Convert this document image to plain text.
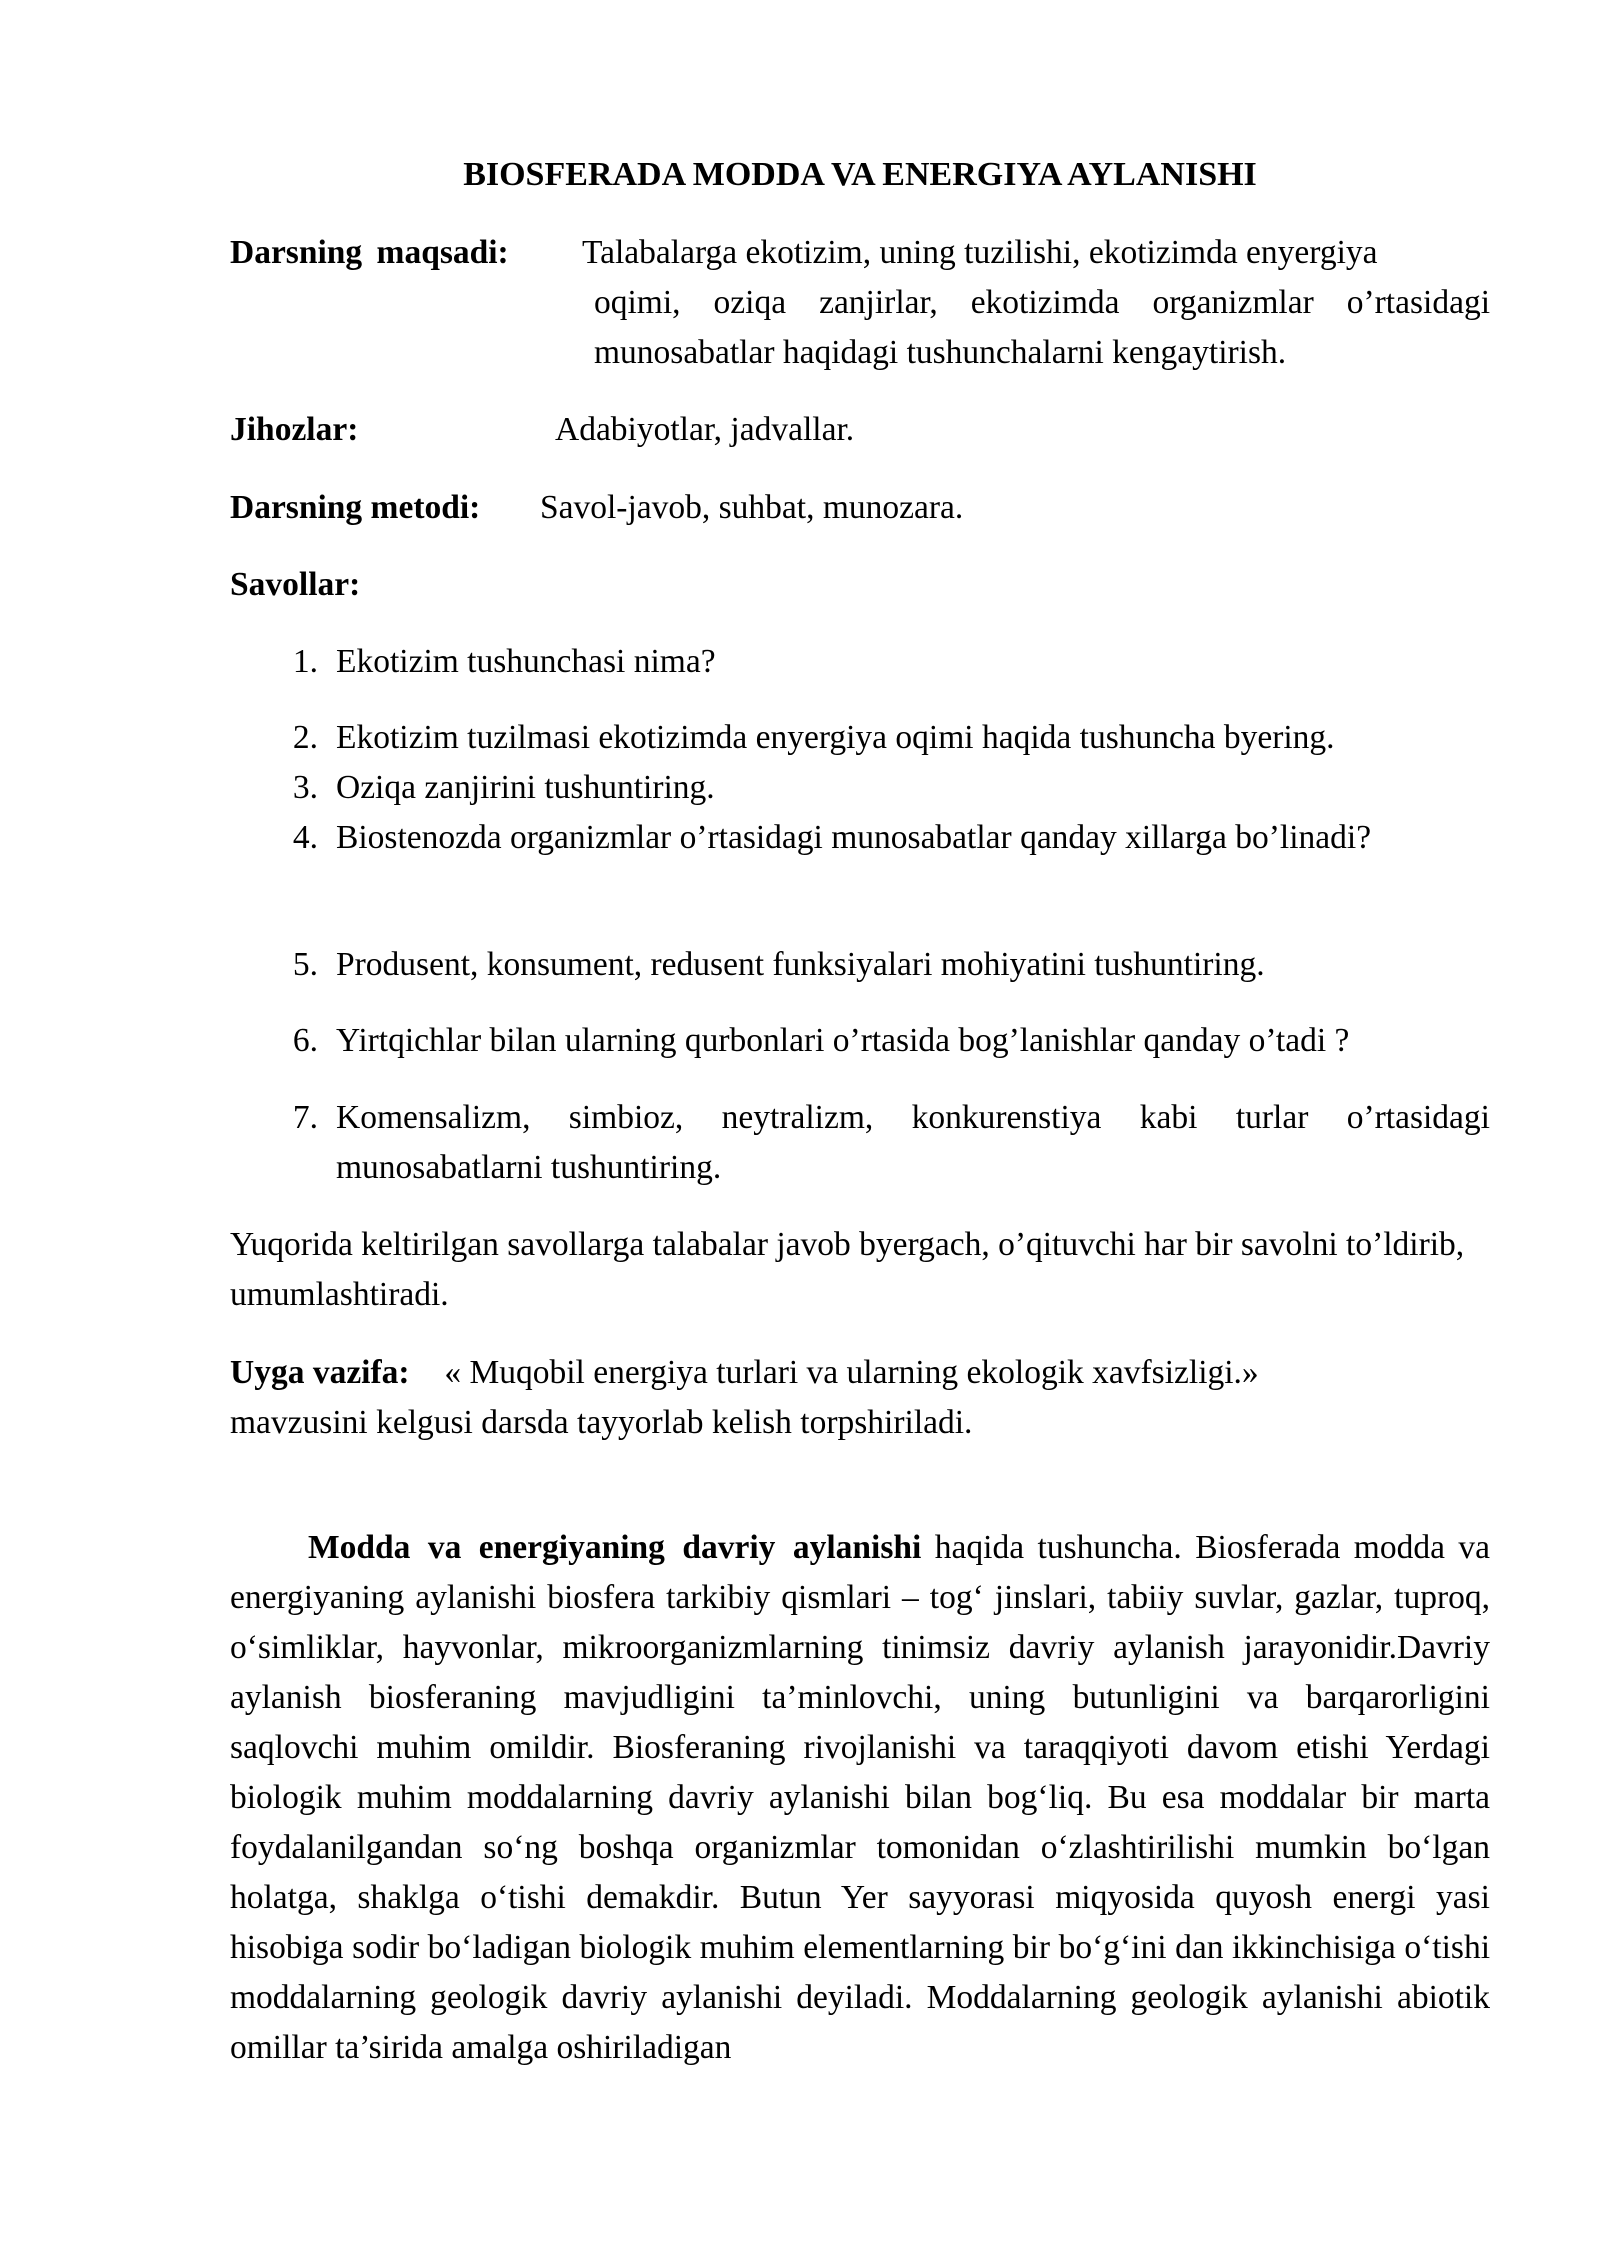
BIOSFERADA MODDA VA ENERGIYA AYLANISHI
Darsning maqsadi: Talabalarga ekotizim, uning tuzilishi, ekotizimda enyergiya
oqimi, oziqa zanjirlar, ekotizimda organizmlar o’rtasidagi munosabatlar haqidagi tushunchalarni kengaytirish.
Jihozlar:	Adabiyotlar, jadvallar.
Darsning metodi: Savol-javob, suhbat, munozara.
Savollar:
1. Ekotizim tushunchasi nima?
2. Ekotizim tuzilmasi ekotizimda enyergiya oqimi haqida tushuncha byering.
3. Oziqa zanjirini tushuntiring.
4. Biostenozda organizmlar o’rtasidagi munosabatlar qanday xillarga bo’linadi?
5. Produsent, konsument, redusent funksiyalari mohiyatini tushuntiring.
6. Yirtqichlar bilan ularning qurbonlari o’rtasida bog’lanishlar qanday o’tadi ?
7. Komensalizm, simbioz, neytralizm, konkurenstiya kabi turlar o’rtasidagi munosabatlarni tushuntiring.

Yuqorida keltirilgan savollarga talabalar javob byergach, o’qituvchi har bir savolni to’ldirib, umumlashtiradi.

Uyga vazifa: « Muqobil energiya turlari va ularning ekologik xavfsizligi.»
mavzusini kelgusi darsda tayyorlab kelish torpshiriladi.

Modda va energiyaning davriy aylanishi haqida tushuncha. Biosferada modda va energiyaning aylanishi biosfera tarkibiy qismlari – tog‘ jinslari, tabiiy suvlar, gazlar, tuproq, o‘simliklar, hayvonlar, mikroorganizmlarning tinimsiz davriy aylanish jarayonidir.Davriy aylanish biosferaning mavjudligini ta’minlovchi, uning butunligini va barqarorligini saqlovchi muhim omildir. Biosferaning rivojlanishi va taraqqiyoti davom etishi Yerdagi biologik muhim moddalarning davriy aylanishi bilan bog‘liq. Bu esa moddalar bir marta foydalanilgandan so‘ng boshqa organizmlar tomonidan o‘zlashtirilishi mumkin bo‘lgan holatga, shaklga o‘tishi demakdir. Butun Yer sayyorasi miqyosida quyosh energi yasi hisobiga sodir bo‘ladigan biologik muhim elementlarning bir bo‘g‘ini dan ikkinchisiga o‘tishi moddalarning geologik davriy aylanishi deyiladi. Moddalarning geologik aylanishi abiotik omillar ta’sirida amalga oshiriladigan
